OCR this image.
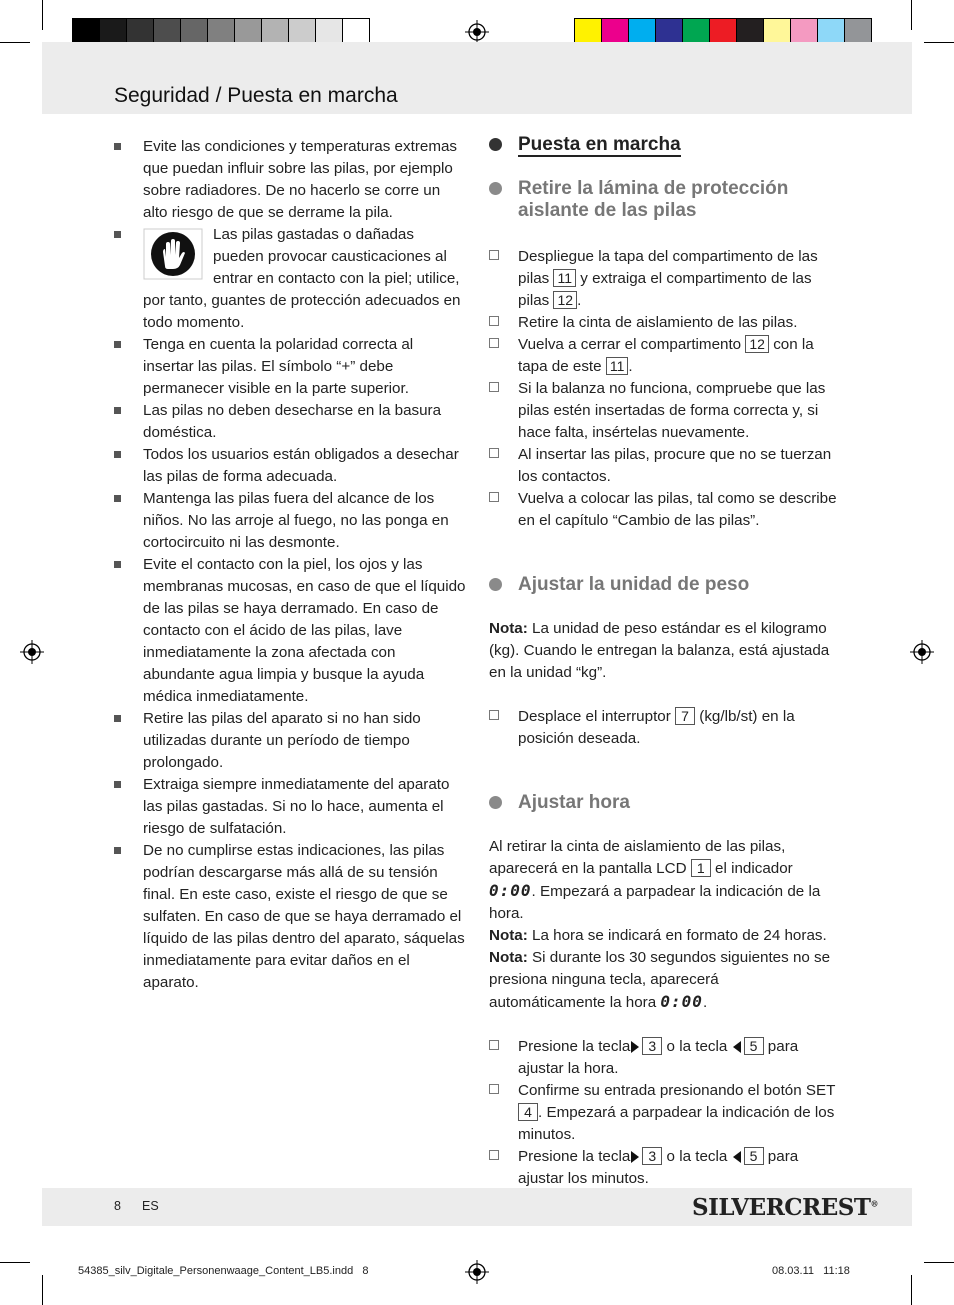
Seguridad / Puesta en marcha
Evite las condiciones y temperaturas extremas que puedan influir sobre las pilas, por ejemplo sobre radiadores. De no hacerlo se corre un alto riesgo de que se derrame la pila.
Las pilas gastadas o dañadas pueden provocar causticaciones al entrar en contacto con la piel; utilice, por tanto, guantes de protección adecuados en todo momento.
Tenga en cuenta la polaridad correcta al insertar las pilas. El símbolo “+” debe permanecer visible en la parte superior.
Las pilas no deben desecharse en la basura doméstica.
Todos los usuarios están obligados a desechar las pilas de forma adecuada.
Mantenga las pilas fuera del alcance de los niños. No las arroje al fuego, no las ponga en cortocircuito ni las desmonte.
Evite el contacto con la piel, los ojos y las membranas mucosas, en caso de que el líquido de las pilas se haya derramado. En caso de contacto con el ácido de las pilas, lave inmediatamente la zona afectada con abundante agua limpia y busque la ayuda médica inmediatamente.
Retire las pilas del aparato si no han sido utilizadas durante un período de tiempo prolongado.
Extraiga siempre inmediatamente del aparato las pilas gastadas. Si no lo hace, aumenta el riesgo de sulfatación.
De no cumplirse estas indicaciones, las pilas podrían descargarse más allá de su tensión final. En este caso, existe el riesgo de que se sulfaten. En caso de que se haya derramado el líquido de las pilas dentro del aparato, sáquelas inmediatamente para evitar daños en el aparato.
Puesta en marcha
Retire la lámina de protección aislante de las pilas
Despliegue la tapa del compartimento de las pilas 11 y extraiga el compartimento de las pilas 12 .
Retire la cinta de aislamiento de las pilas.
Vuelva a cerrar el compartimento 12 con la tapa de este 11 .
Si la balanza no funciona, compruebe que las pilas estén insertadas de forma correcta y, si hace falta, insértelas nuevamente.
Al insertar las pilas, procure que no se tuerzan los contactos.
Vuelva a colocar las pilas, tal como se describe en el capítulo “Cambio de las pilas”.
Ajustar la unidad de peso
Nota: La unidad de peso estándar es el kilogramo (kg). Cuando le entregan la balanza, está ajustada en la unidad “kg”.
Desplace el interruptor 7 (kg/lb/st) en la posición deseada.
Ajustar hora
Al retirar la cinta de aislamiento de las pilas, aparecerá en la pantalla LCD 1 el indicador 0:00. Empezará a parpadear la indicación de la hora.
Nota: La hora se indicará en formato de 24 horas.
Nota: Si durante los 30 segundos siguientes no se presiona ninguna tecla, aparecerá automáticamente la hora 0:00.
Presione la tecla 3 o la tecla 5 para ajustar la hora.
Confirme su entrada presionando el botón SET 4 . Empezará a parpadear la indicación de los minutos.
Presione la tecla 3 o la tecla 5 para ajustar los minutos.
8 ES	SILVERCREST®
54385_silv_Digitale_Personenwaage_Content_LB5.indd   8	08.03.11   11:18
